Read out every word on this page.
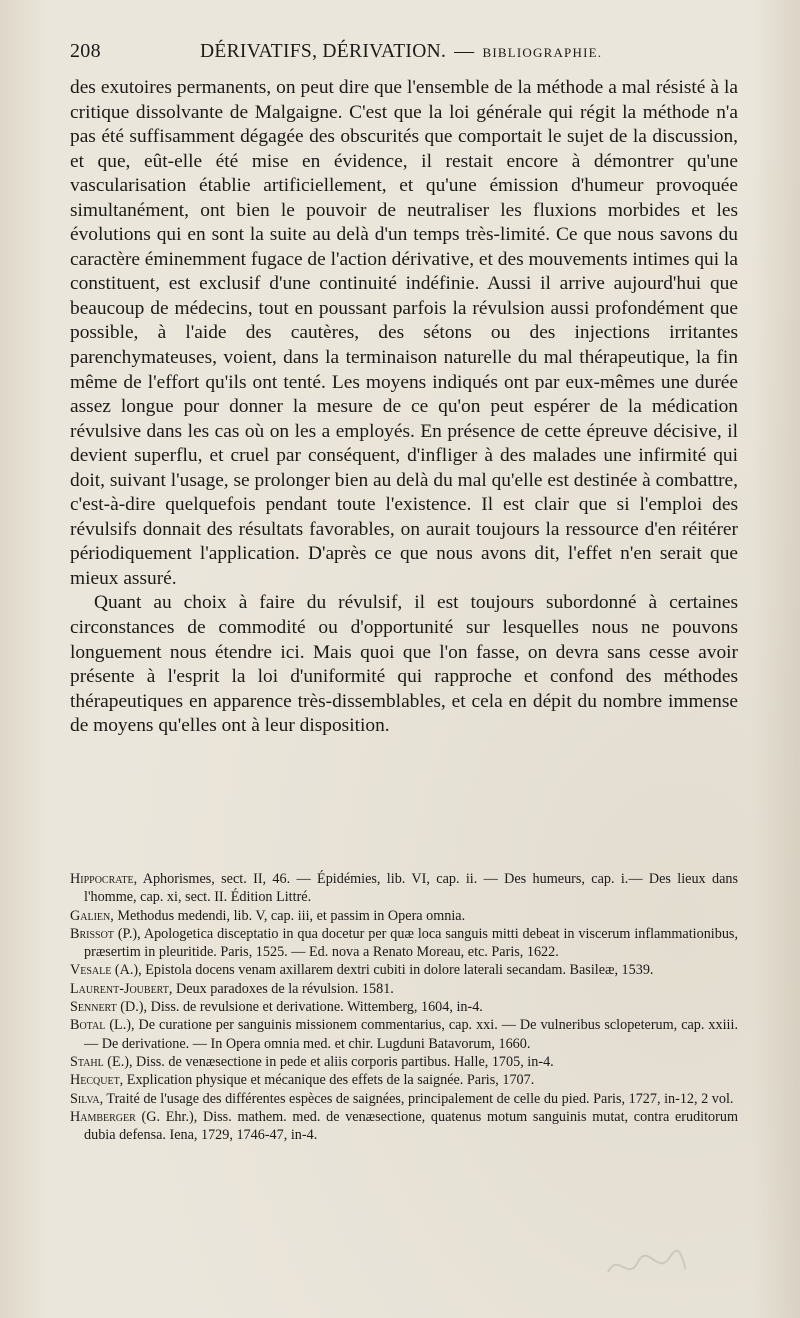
208	DÉRIVATIFS, DÉRIVATION. — BIBLIOGRAPHIE.

des exutoires permanents, on peut dire que l'ensemble de la méthode a mal résisté à la critique dissolvante de Malgaigne. C'est que la loi générale qui régit la méthode n'a pas été suffisamment dégagée des obscurités que comportait le sujet de la discussion, et que, eût-elle été mise en évidence, il restait encore à démontrer qu'une vascularisation établie artificiellement, et qu'une émission d'humeur provoquée simultanément, ont bien le pouvoir de neutraliser les fluxions morbides et les évolutions qui en sont la suite au delà d'un temps très-limité. Ce que nous savons du caractère éminemment fugace de l'action dérivative, et des mouvements intimes qui la constituent, est exclusif d'une continuité indéfinie. Aussi il arrive aujourd'hui que beaucoup de médecins, tout en poussant parfois la révulsion aussi profondément que possible, à l'aide des cautères, des sétons ou des injections irritantes parenchymateuses, voient, dans la terminaison naturelle du mal thérapeutique, la fin même de l'effort qu'ils ont tenté. Les moyens indiqués ont par eux-mêmes une durée assez longue pour donner la mesure de ce qu'on peut espérer de la médication révulsive dans les cas où on les a employés. En présence de cette épreuve décisive, il devient superflu, et cruel par conséquent, d'infliger à des malades une infirmité qui doit, suivant l'usage, se prolonger bien au delà du mal qu'elle est destinée à combattre, c'est-à-dire quelquefois pendant toute l'existence. Il est clair que si l'emploi des révulsifs donnait des résultats favorables, on aurait toujours la ressource d'en réitérer périodiquement l'application. D'après ce que nous avons dit, l'effet n'en serait que mieux assuré.

Quant au choix à faire du révulsif, il est toujours subordonné à certaines circonstances de commodité ou d'opportunité sur lesquelles nous ne pouvons longuement nous étendre ici. Mais quoi que l'on fasse, on devra sans cesse avoir présente à l'esprit la loi d'uniformité qui rapproche et confond des méthodes thérapeutiques en apparence très-dissemblables, et cela en dépit du nombre immense de moyens qu'elles ont à leur disposition.

Hippocrate, Aphorismes, sect. II, 46. — Épidémies, lib. VI, cap. ii. — Des humeurs, cap. i.— Des lieux dans l'homme, cap. xi, sect. II. Édition Littré.

Galien, Methodus medendi, lib. V, cap. iii, et passim in Opera omnia.

Brissot (P.), Apologetica disceptatio in qua docetur per quæ loca sanguis mitti debeat in viscerum inflammationibus, præsertim in pleuritide. Paris, 1525. — Ed. nova a Renato Moreau, etc. Paris, 1622.

Vesale (A.), Epistola docens venam axillarem dextri cubiti in dolore laterali secandam. Basileæ, 1539.

Laurent-Joubert, Deux paradoxes de la révulsion. 1581.

Sennert (D.), Diss. de revulsione et derivatione. Wittemberg, 1604, in-4.

Botal (L.), De curatione per sanguinis missionem commentarius, cap. xxi. — De vulneribus sclopeterum, cap. xxiii. — De derivatione. — In Opera omnia med. et chir. Lugduni Batavorum, 1660.

Stahl (E.), Diss. de venæsectione in pede et aliis corporis partibus. Halle, 1705, in-4.

Hecquet, Explication physique et mécanique des effets de la saignée. Paris, 1707.

Silva, Traité de l'usage des différentes espèces de saignées, principalement de celle du pied. Paris, 1727, in-12, 2 vol.

Hamberger (G. Ehr.), Diss. mathem. med. de venæsectione, quatenus motum sanguinis mutat, contra eruditorum dubia defensa. Iena, 1729, 1746-47, in-4.
